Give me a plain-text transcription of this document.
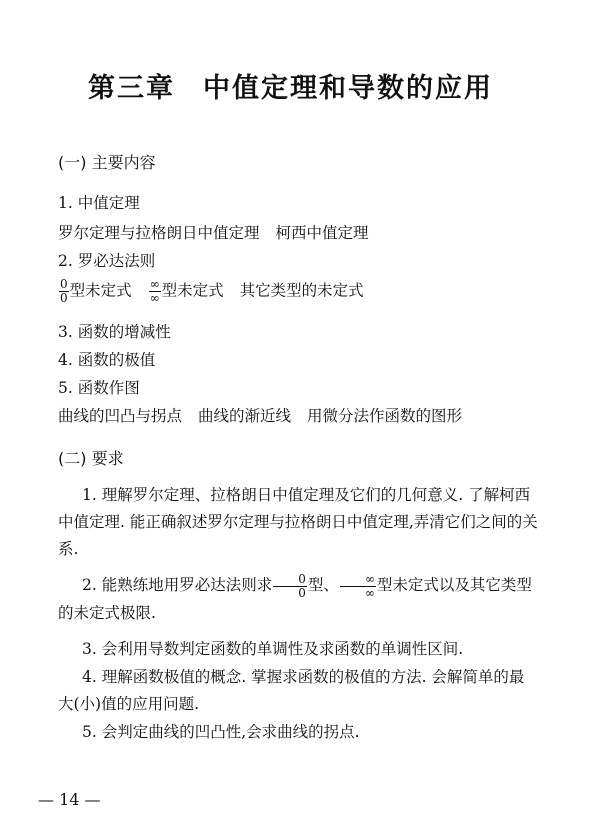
第三章 中值定理和导数的应用
(一) 主要内容
1. 中值定理
罗尔定理与拉格朗日中值定理 柯西中值定理
2. 罗必达法则
$\frac{0}{0}$ 型未定式 $\frac{\infty}{\infty}$ 型未定式 其它类型的未定式
3. 函数的增减性
4. 函数的极值
5. 函数作图
曲线的凹凸与拐点 曲线的渐近线 用微分法作函数的图形
(二) 要求
1. 理解罗尔定理、拉格朗日中值定理及它们的几何意义. 了解柯西中值定理. 能正确叙述罗尔定理与拉格朗日中值定理,弄清它们之间的关系.
2. 能熟练地用罗必达法则求 $\frac{0}{0}$ 型、 $\frac{\infty}{\infty}$ 型未定式以及其它类型的未定式极限.
3. 会利用导数判定函数的单调性及求函数的单调性区间.
4. 理解函数极值的概念. 掌握求函数的极值的方法. 会解简单的最大(小)值的应用问题.
5. 会判定曲线的凹凸性,会求曲线的拐点.
— 14 —
